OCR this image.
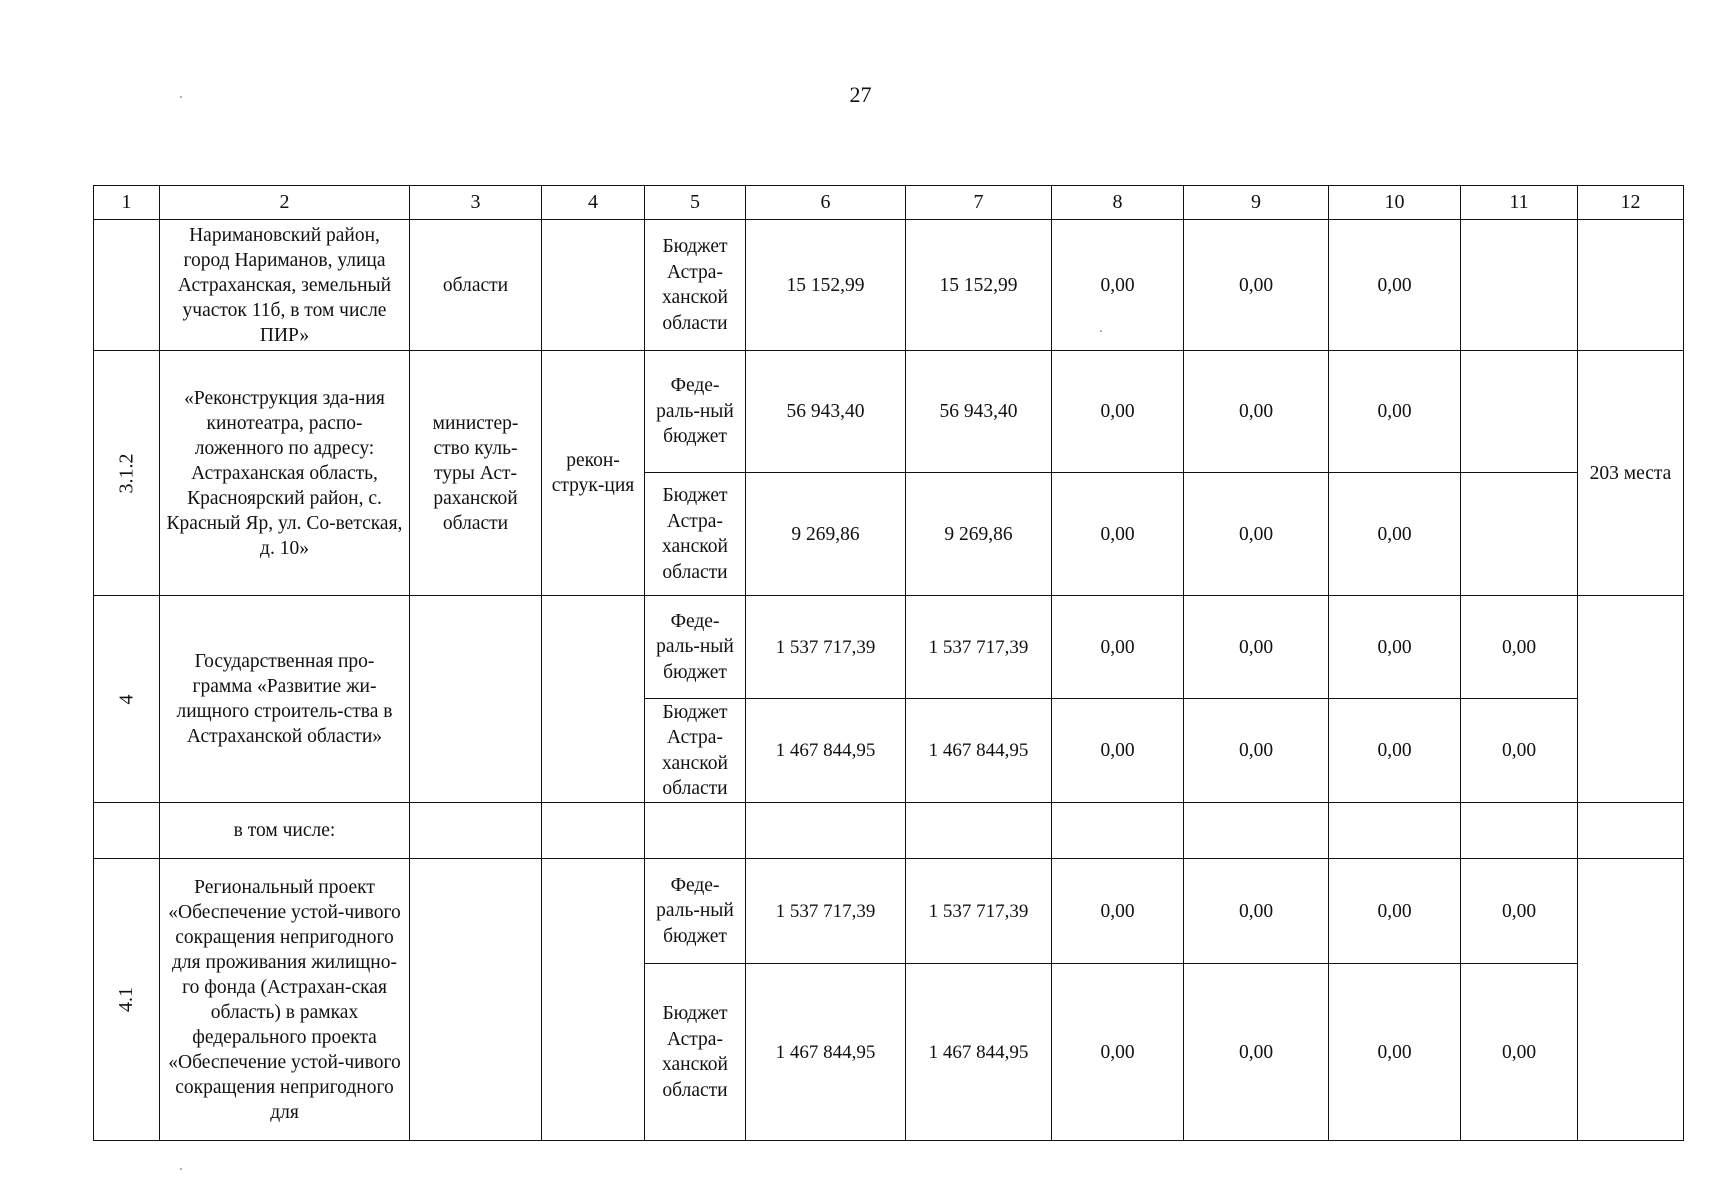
27
1	2	3	4	5	6	7	8	9	10	11	12
	Наримановский район, город Нариманов, улица Астраханская, земельный участок 11б, в том числе ПИР»	области		Бюджет Астра-ханской области	15 152,99	15 152,99	0,00	0,00	0,00		
3.1.2	«Реконструкция зда-ния кинотеатра, распо-ложенного по адресу: Астраханская область, Красноярский район, с. Красный Яр, ул. Со-ветская, д. 10»	министер-ство куль-туры Аст-раханской области	рекон-струк-ция	Феде-раль-ный бюджет	56 943,40	56 943,40	0,00	0,00	0,00		203 места
				Бюджет Астра-ханской области	9 269,86	9 269,86	0,00	0,00	0,00		
4	Государственная про-грамма «Развитие жи-лищного строитель-ства в Астраханской области»			Феде-раль-ный бюджет	1 537 717,39	1 537 717,39	0,00	0,00	0,00	0,00	
				Бюджет Астра-ханской области	1 467 844,95	1 467 844,95	0,00	0,00	0,00	0,00	
	в том числе:										
4.1	Региональный проект «Обеспечение устой-чивого сокращения непригодного для проживания жилищно-го фонда (Астрахан-ская область) в рамках федерального проекта «Обеспечение устой-чивого сокращения непригодного для			Феде-раль-ный бюджет	1 537 717,39	1 537 717,39	0,00	0,00	0,00	0,00	
				Бюджет Астра-ханской области	1 467 844,95	1 467 844,95	0,00	0,00	0,00	0,00	
